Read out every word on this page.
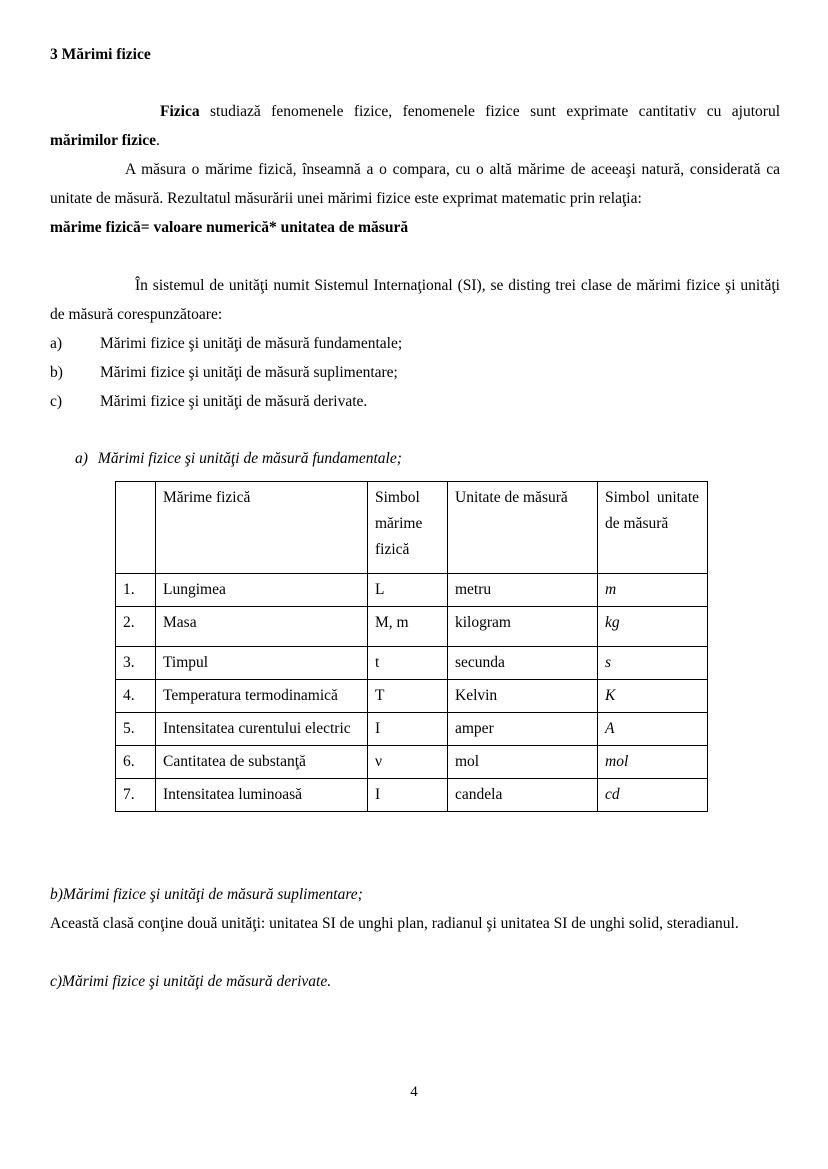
3 Mărimi fizice

Fizica studiază fenomenele fizice, fenomenele fizice sunt exprimate cantitativ cu ajutorul mărimilor fizice.

A măsura o mărime fizică, înseamnă a o compara, cu o altă mărime de aceeaşi natură, considerată ca unitate de măsură. Rezultatul măsurării unei mărimi fizice este exprimat matematic prin relaţia:

mărime fizică= valoare numerică* unitatea de măsură

În sistemul de unităţi numit Sistemul Internaţional (SI), se disting trei clase de mărimi fizice şi unităţi de măsură corespunzătoare:

a)	Mărimi fizice şi unităţi de măsură fundamentale;
b)	Mărimi fizice şi unităţi de măsură suplimentare;
c)	Mărimi fizice şi unităţi de măsură derivate.
a) Mărimi fizice şi unităţi de măsură fundamentale;
	Mărime fizică	Simbol mărime fizică	Unitate de măsură	Simbol unitate de măsură
1.	Lungimea	L	metru	m
2.	Masa	M, m	kilogram	kg
3.	Timpul	t	secunda	s
4.	Temperatura termodinamică	T	Kelvin	K
5.	Intensitatea curentului electric	I	amper	A
6.	Cantitatea de substanţă	ν	mol	mol
7.	Intensitatea luminoasă	I	candela	cd
b)Mărimi fizice şi unităţi de măsură suplimentare;
Această clasă conţine două unităţi: unitatea SI de unghi plan, radianul şi unitatea SI de unghi solid, steradianul.
c)Mărimi fizice şi unităţi de măsură derivate.
4
